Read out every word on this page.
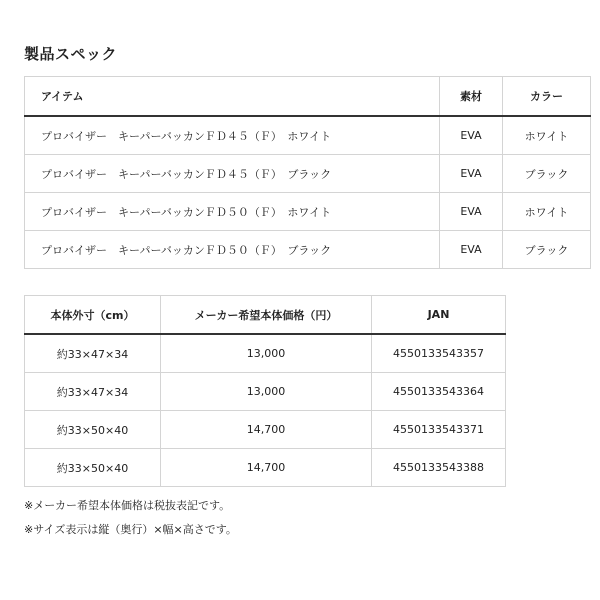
製品スペック
アイテム	素材	カラー
プロバイザー　キーパーバッカンＦＤ４５（Ｆ）　ホワイト	EVA	ホワイト
プロバイザー　キーパーバッカンＦＤ４５（Ｆ）　ブラック	EVA	ブラック
プロバイザー　キーパーバッカンＦＤ５０（Ｆ）　ホワイト	EVA	ホワイト
プロバイザー　キーパーバッカンＦＤ５０（Ｆ）　ブラック	EVA	ブラック
本体外寸（cm）	メーカー希望本体価格（円）	JAN
約33×47×34	13,000	4550133543357
約33×47×34	13,000	4550133543364
約33×50×40	14,700	4550133543371
約33×50×40	14,700	4550133543388

※メーカー希望本体価格は税抜表記です。

※サイズ表示は縦（奥行）×幅×高さです。
